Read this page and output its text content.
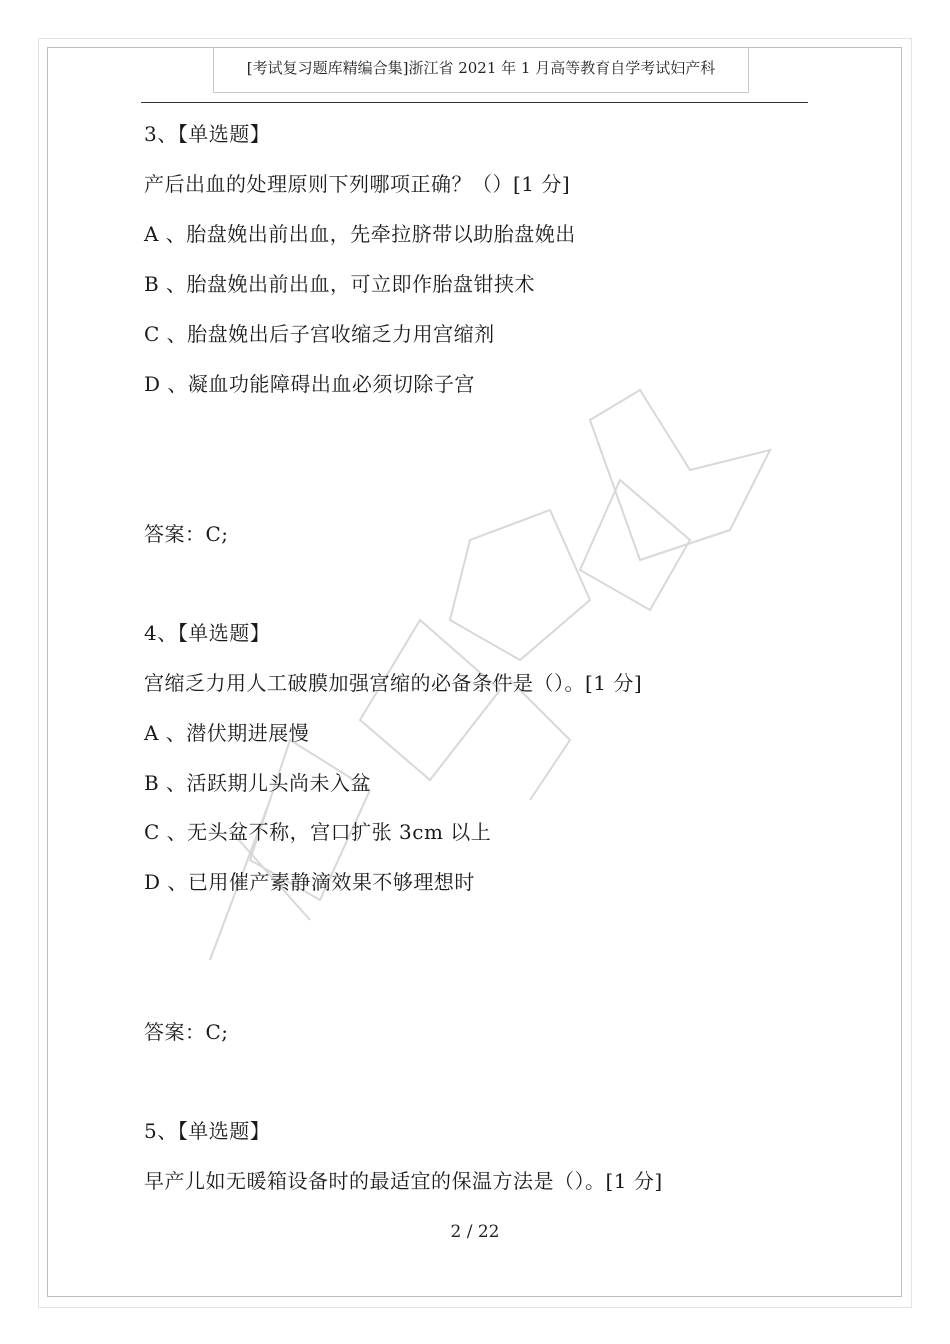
[考试复习题库精编合集]浙江省 2021 年 1 月高等教育自学考试妇产科
3、【单选题】
产后出血的处理原则下列哪项正确？（）[1 分]
A 、胎盘娩出前出血，先牵拉脐带以助胎盘娩出
B 、胎盘娩出前出血，可立即作胎盘钳挟术
C 、胎盘娩出后子宫收缩乏力用宫缩剂
D 、凝血功能障碍出血必须切除子宫
答案：C;
4、【单选题】
宫缩乏力用人工破膜加强宫缩的必备条件是（）。[1 分]
A 、潜伏期进展慢
B 、活跃期儿头尚未入盆
C 、无头盆不称，宫口扩张 3cm 以上
D 、已用催产素静滴效果不够理想时
答案：C;
5、【单选题】
早产儿如无暖箱设备时的最适宜的保温方法是（）。[1 分]
2 / 22
